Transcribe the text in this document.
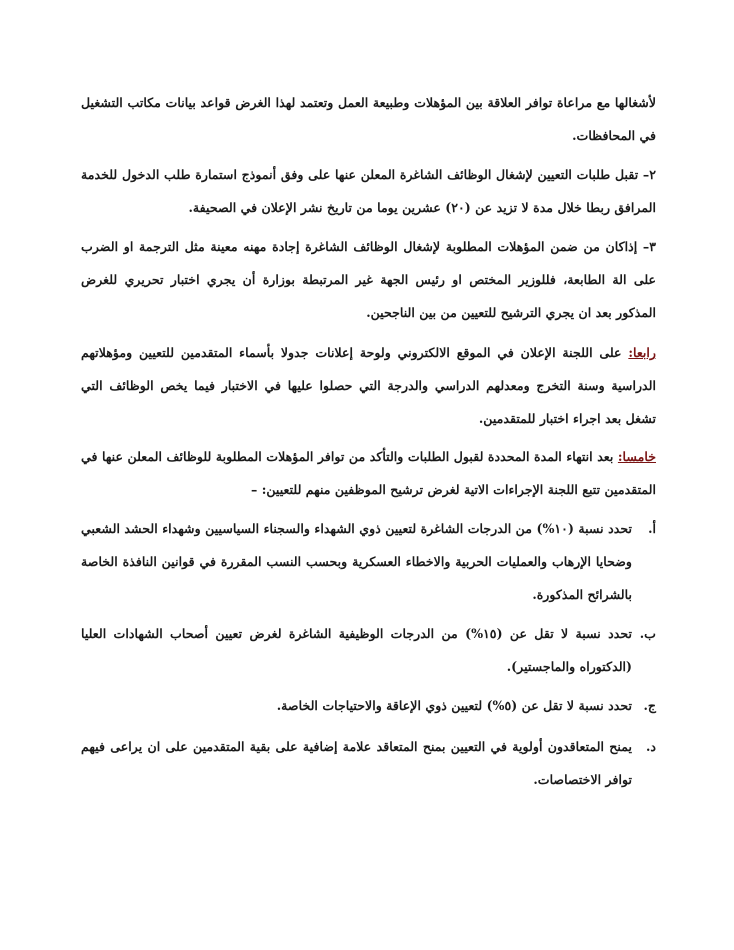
لأشغالها مع مراعاة توافر العلاقة بين المؤهلات وطبيعة العمل وتعتمد لهذا الغرض قواعد بيانات مكاتب التشغيل في المحافظات.

٢– تقبل طلبات التعيين لإشغال الوظائف الشاغرة المعلن عنها على وفق أنموذج استمارة طلب الدخول للخدمة المرافق ربطا خلال مدة لا تزيد عن (٢٠) عشرين يوما من تاريخ نشر الإعلان في الصحيفة.

٣– إذاكان من ضمن المؤهلات المطلوبة لإشغال الوظائف الشاغرة إجادة مهنه معينة مثل الترجمة او الضرب على الة الطابعة، فللوزير المختص او رئيس الجهة غير المرتبطة بوزارة أن يجري اختبار تحريري للغرض المذكور بعد ان يجري الترشيح للتعيين من بين الناجحين.

رابعا: على اللجنة الإعلان في الموقع الالكتروني ولوحة إعلانات جدولا بأسماء المتقدمين للتعيين ومؤهلاتهم الدراسية وسنة التخرج ومعدلهم الدراسي والدرجة التي حصلوا عليها في الاختبار فيما يخص الوظائف التي تشغل بعد اجراء اختبار للمتقدمين.

خامسا: بعد انتهاء المدة المحددة لقبول الطلبات والتأكد من توافر المؤهلات المطلوبة للوظائف المعلن عنها في المتقدمين تتبع اللجنة الإجراءات الاتية لغرض ترشيح الموظفين منهم للتعيين: –

أ.
تحدد نسبة (١٠%) من الدرجات الشاغرة لتعيين ذوي الشهداء والسجناء السياسيين وشهداء الحشد الشعبي وضحايا الإرهاب والعمليات الحربية والاخطاء العسكرية وبحسب النسب المقررة في قوانين النافذة الخاصة بالشرائح المذكورة.
ب.
تحدد نسبة لا تقل عن (١٥%) من الدرجات الوظيفية الشاغرة لغرض تعيين أصحاب الشهادات العليا (الدكتوراه والماجستير).
ج.
تحدد نسبة لا تقل عن (٥%) لتعيين ذوي الإعاقة والاحتياجات الخاصة.
د.
يمنح المتعاقدون أولوية في التعيين بمنح المتعاقد علامة إضافية على بقية المتقدمين على ان يراعى فيهم توافر الاختصاصات.
